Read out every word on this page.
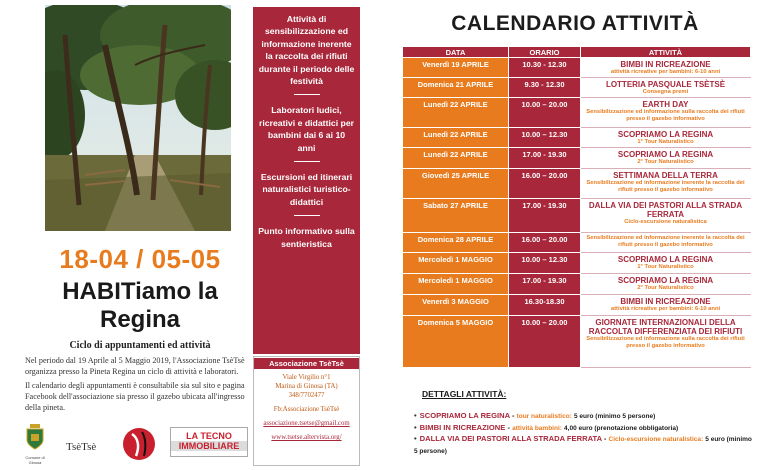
18-04 / 05-05
HABITiamo la
Regina
Ciclo di appuntamenti ed attività

Nel periodo dal 19 Aprile al 5 Maggio 2019, l'Associazione TsèTsè organizza presso la Pineta Regina un ciclo di attività e laboratori.

Il calendario degli appuntamenti è consultabile sia sul sito e pagina Facebook dell'associazione sia presso il gazebo ubicata all'ingresso della pineta.

Comune di Ginosa
TsèTsè
LA TECNO
IMMOBILIARE

Attività di sensibilizzazione ed informazione inerente la raccolta dei rifiuti durante il periodo delle festività

Laboratori ludici, ricreativi e didattici per bambini dai 6 ai 10 anni

Escursioni ed itinerari naturalistici turistico-didattici

Punto informativo sulla sentieristica

Associazione TsèTsè

Viale Virgilio n°1
Marina di Ginosa (TA)
348/7702477

Fb:Associazione TsèTsè

associazione.tsetse@gmail.com

www.tsetse.altervista.org/

CALENDARIO ATTIVITÀ
DATA	ORARIO	ATTIVITÀ
Venerdì 19 APRILE	10.30 - 12.30	BIMBI IN RICREAZIONE
attività ricreative per bambini: 6-10 anni

Domenica 21 APRILE	9.30 - 12.30	LOTTERIA PASQUALE TSÈTSÈ
Consegna premi

Lunedì 22 APRILE	10.00 – 20.00	EARTH DAY
Sensibilizzazione ed informazione sulla raccolta dei rifiuti presso il gazebo informativo

Lunedì 22 APRILE	10.00 – 12.30	SCOPRIAMO LA REGINA
1° Tour Naturalistico

Lunedì 22 APRILE	17.00 - 19.30	SCOPRIAMO LA REGINA
2° Tour Naturalistico

Giovedì 25 APRILE	16.00 – 20.00	SETTIMANA DELLA TERRA
Sensibilizzazione ed informazione inerente la raccolta dei rifiuti presso il gazebo informativo

Sabato 27 APRILE	17.00 - 19.30	DALLA VIA DEI PASTORI ALLA STRADA FERRATA
Ciclo-escursione naturalistica

Domenica 28 APRILE	16.00 – 20.00	Sensibilizzazione ed informazione inerente la raccolta dei rifiuti presso il gazebo informativo

Mercoledì 1 MAGGIO	10.00 – 12.30	SCOPRIAMO LA REGINA
1° Tour Naturalistico

Mercoledì 1 MAGGIO	17.00 - 19.30	SCOPRIAMO LA REGINA
2° Tour Naturalistico

Venerdì 3 MAGGIO	16.30-18.30	BIMBI IN RICREAZIONE
attività ricreative per bambini: 6-10 anni

Domenica 5 MAGGIO	10.00 – 20.00	GIORNATE INTERNAZIONALI DELLA RACCOLTA DIFFERENZIATA DEI RIFIUTI
Sensibilizzazione ed informazione sulla raccolta dei rifiuti presso il gazebo informativo
DETTAGLI ATTIVITÀ:
• SCOPRIAMO LA REGINA - tour naturalistico: 5 euro (minimo 5 persone)
• BIMBI IN RICREAZIONE - attività bambini: 4,00 euro (prenotazione obbligatoria)
• DALLA VIA DEI PASTORI ALLA STRADA FERRATA - Ciclo-escursione naturalistica: 5 euro (minimo 5 persone)
